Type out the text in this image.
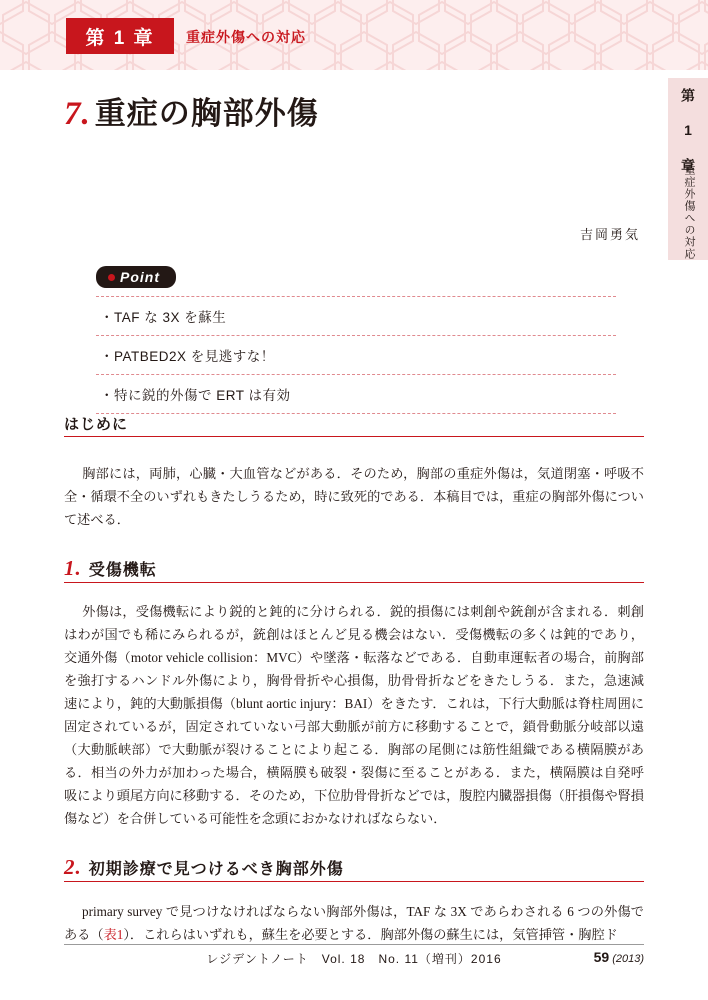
第 1 章	重症外傷への対応
第 1 章
重症外傷への対応
7. 重症の胸部外傷
吉岡勇気
Point
・TAF な 3X を蘇生
・PATBED2X を見逃すな！
・特に鋭的外傷で ERT は有効
はじめに
胸部には，両肺，心臓・大血管などがある．そのため，胸部の重症外傷は，気道閉塞・呼吸不全・循環不全のいずれもきたしうるため，時に致死的である．本稿目では，重症の胸部外傷について述べる．
1. 受傷機転
外傷は，受傷機転により鋭的と鈍的に分けられる．鋭的損傷には刺創や銃創が含まれる．刺創はわが国でも稀にみられるが，銃創はほとんど見る機会はない．受傷機転の多くは鈍的であり，交通外傷（motor vehicle collision：MVC）や墜落・転落などである．自動車運転者の場合，前胸部を強打するハンドル外傷により，胸骨骨折や心損傷，肋骨骨折などをきたしうる．また，急速減速により，鈍的大動脈損傷（blunt aortic injury：BAI）をきたす．これは，下行大動脈は脊柱周囲に固定されているが，固定されていない弓部大動脈が前方に移動することで，鎖骨動脈分岐部以遠（大動脈峡部）で大動脈が裂けることにより起こる．胸部の尾側には筋性組織である横隔膜がある．相当の外力が加わった場合，横隔膜も破裂・裂傷に至ることがある．また，横隔膜は自発呼吸により頭尾方向に移動する．そのため，下位肋骨骨折などでは，腹腔内臓器損傷（肝損傷や腎損傷など）を合併している可能性を念頭におかなければならない．
2. 初期診療で見つけるべき胸部外傷
primary survey で見つけなければならない胸部外傷は，TAF な 3X であらわされる 6 つの外傷である（表1）．これらはいずれも，蘇生を必要とする．胸部外傷の蘇生には，気管挿管・胸腔ド
レジデントノート　Vol. 18　No. 11（増刊）2016	59 (2013)
